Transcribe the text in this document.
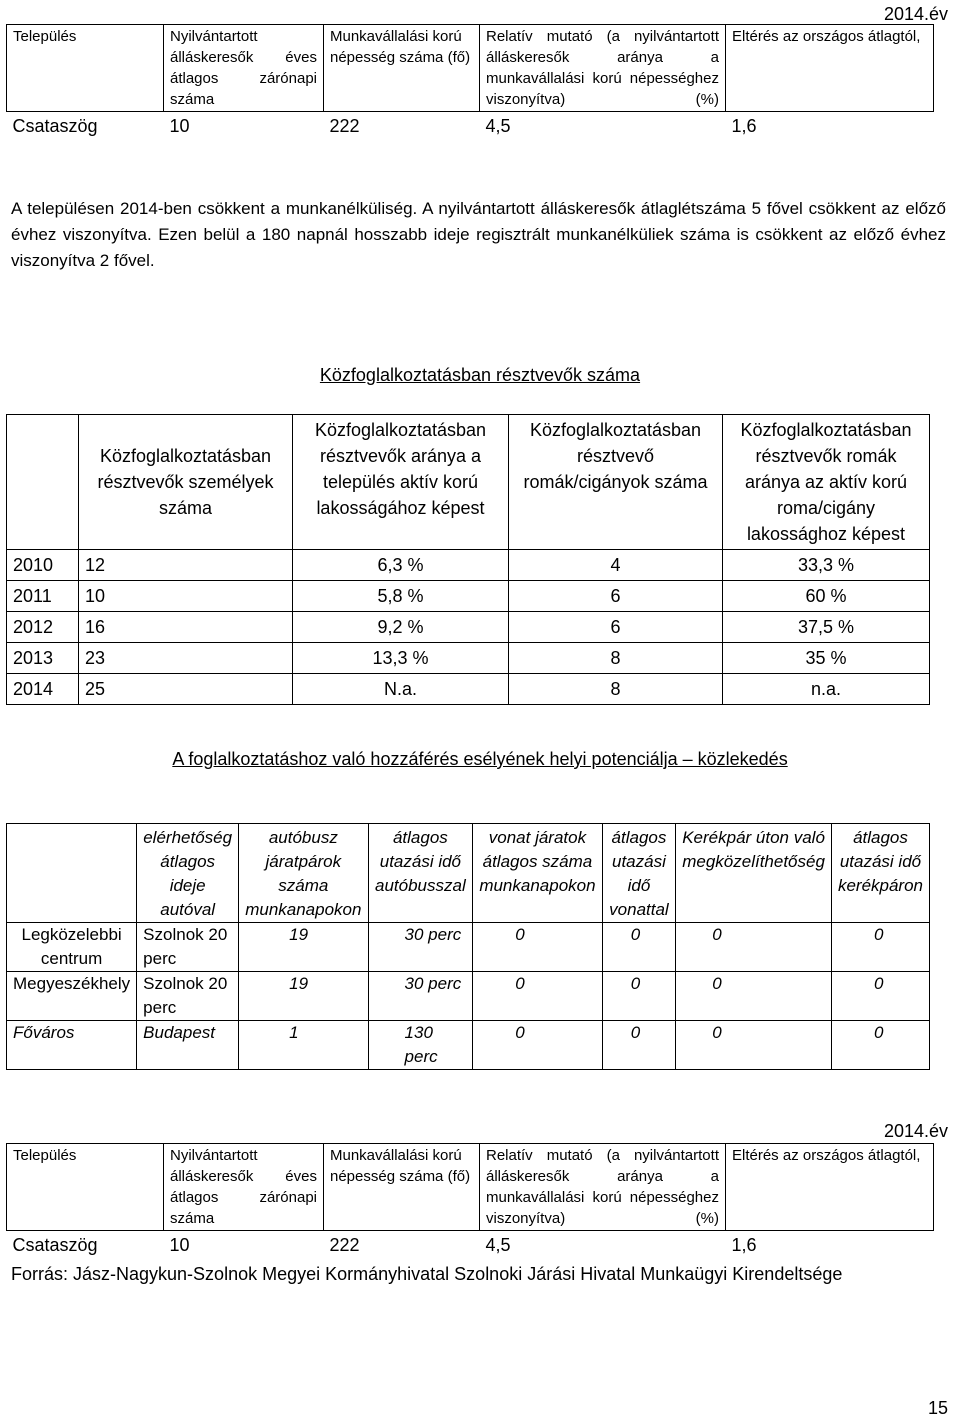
2014.év
Település	Nyilvántartott álláskeresők éves átlagos zárónapi száma	Munkavállalási korú népesség száma (fő)	Relatív mutató (a nyilvántartott álláskeresők aránya a munkavállalási korú népességhez viszonyítva) (%)	Eltérés az országos átlagtól,
Csataszög	10	222	4,5	1,6
A településen 2014-ben csökkent a munkanélküliség. A nyilvántartott álláskeresők átlaglétszáma 5 fővel csökkent az előző évhez viszonyítva. Ezen belül a 180 napnál hosszabb ideje regisztrált munkanélküliek száma is csökkent az előző évhez viszonyítva 2 fővel.
Közfoglalkoztatásban résztvevők száma
	Közfoglalkoztatásban résztvevők személyek száma	Közfoglalkoztatásban résztvevők aránya a település aktív korú lakosságához képest	Közfoglalkoztatásban résztvevő romák/cigányok száma	Közfoglalkoztatásban résztvevők romák aránya az aktív korú roma/cigány lakossághoz képest
2010	12	6,3 %	4	33,3 %
2011	10	5,8 %	6	60 %
2012	16	9,2 %	6	37,5 %
2013	23	13,3 %	8	35 %
2014	25	N.a.	8	n.a.
A foglalkoztatáshoz való hozzáférés esélyének helyi potenciálja – közlekedés
	elérhetőség átlagos ideje autóval	autóbusz járatpárok száma munkanapokon	átlagos utazási idő autóbusszal	vonat járatok átlagos száma munkanapokon	átlagos utazási idő vonattal	Kerékpár úton való megközelíthetőség	átlagos utazási idő kerékpáron
Legközelebbi centrum	Szolnok 20 perc	19	30 perc	0	0	0	0
Megyeszékhely	Szolnok 20 perc	19	30 perc	0	0	0	0
Főváros	Budapest	1	130 perc	0	0	0	0
2014.év
Település	Nyilvántartott álláskeresők éves átlagos zárónapi száma	Munkavállalási korú népesség száma (fő)	Relatív mutató (a nyilvántartott álláskeresők aránya a munkavállalási korú népességhez viszonyítva) (%)	Eltérés az országos átlagtól,
Csataszög	10	222	4,5	1,6
Forrás: Jász-Nagykun-Szolnok Megyei Kormányhivatal Szolnoki Járási Hivatal Munkaügyi Kirendeltsége
15
